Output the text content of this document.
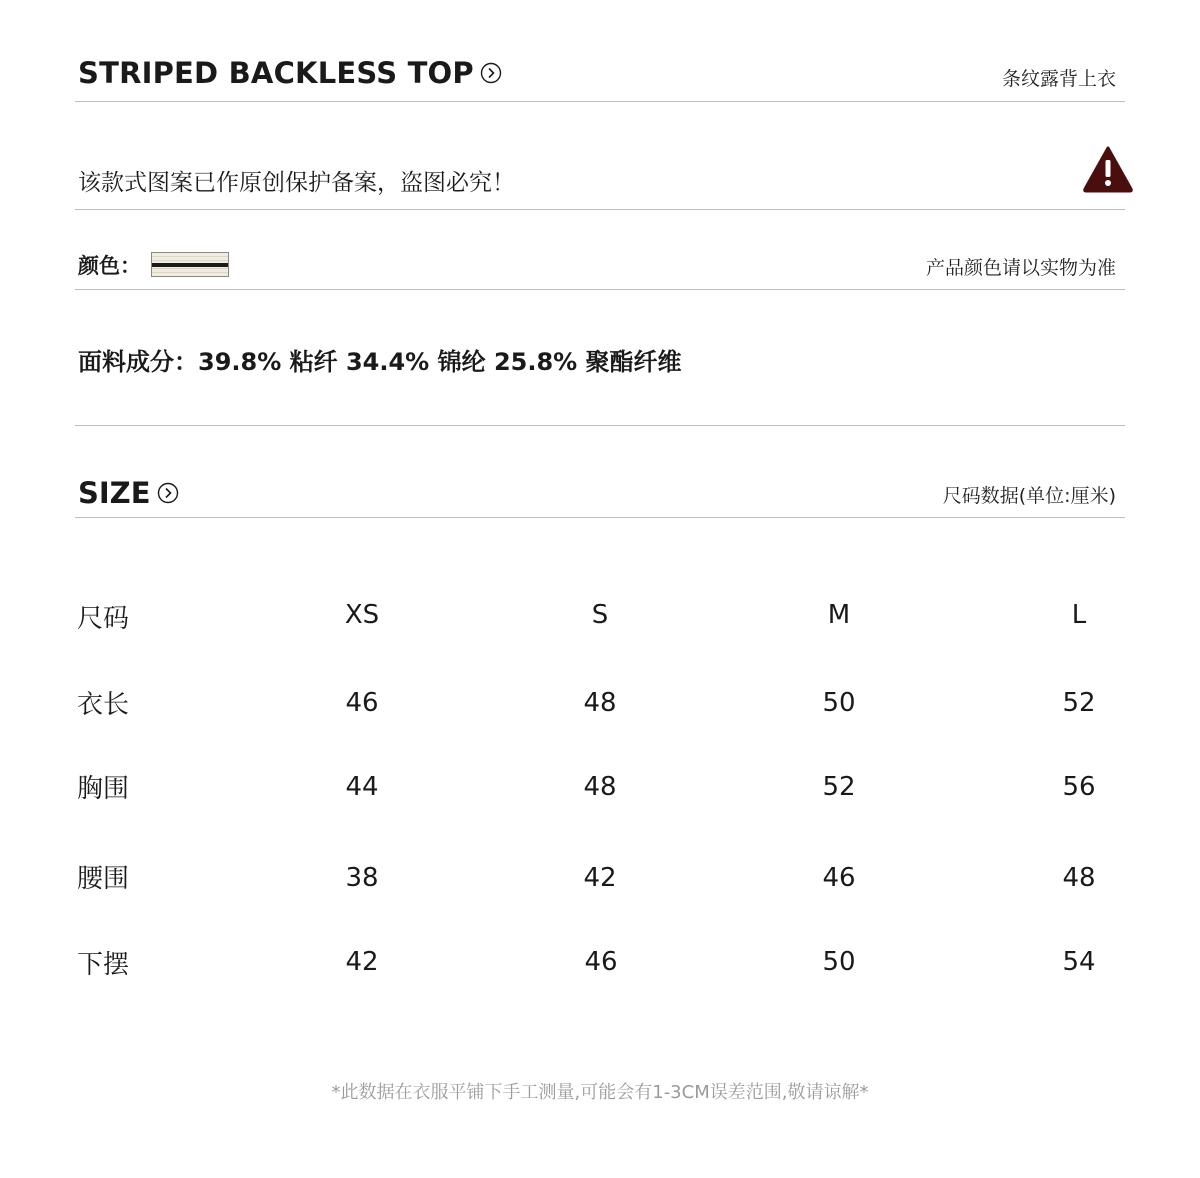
STRIPED BACKLESS TOP	条纹露背上衣
该款式图案已作原创保护备案，盗图必究！
颜色：	产品颜色请以实物为准
面料成分：39.8% 粘纤 34.4% 锦纶 25.8% 聚酯纤维
SIZE	尺码数据(单位:厘米)
尺码	XS	S	M	L
衣长	46	48	50	52
胸围	44	48	52	56
腰围	38	42	46	48
下摆	42	46	50	54
*此数据在衣服平铺下手工测量,可能会有1-3CM误差范围,敬请谅解*
